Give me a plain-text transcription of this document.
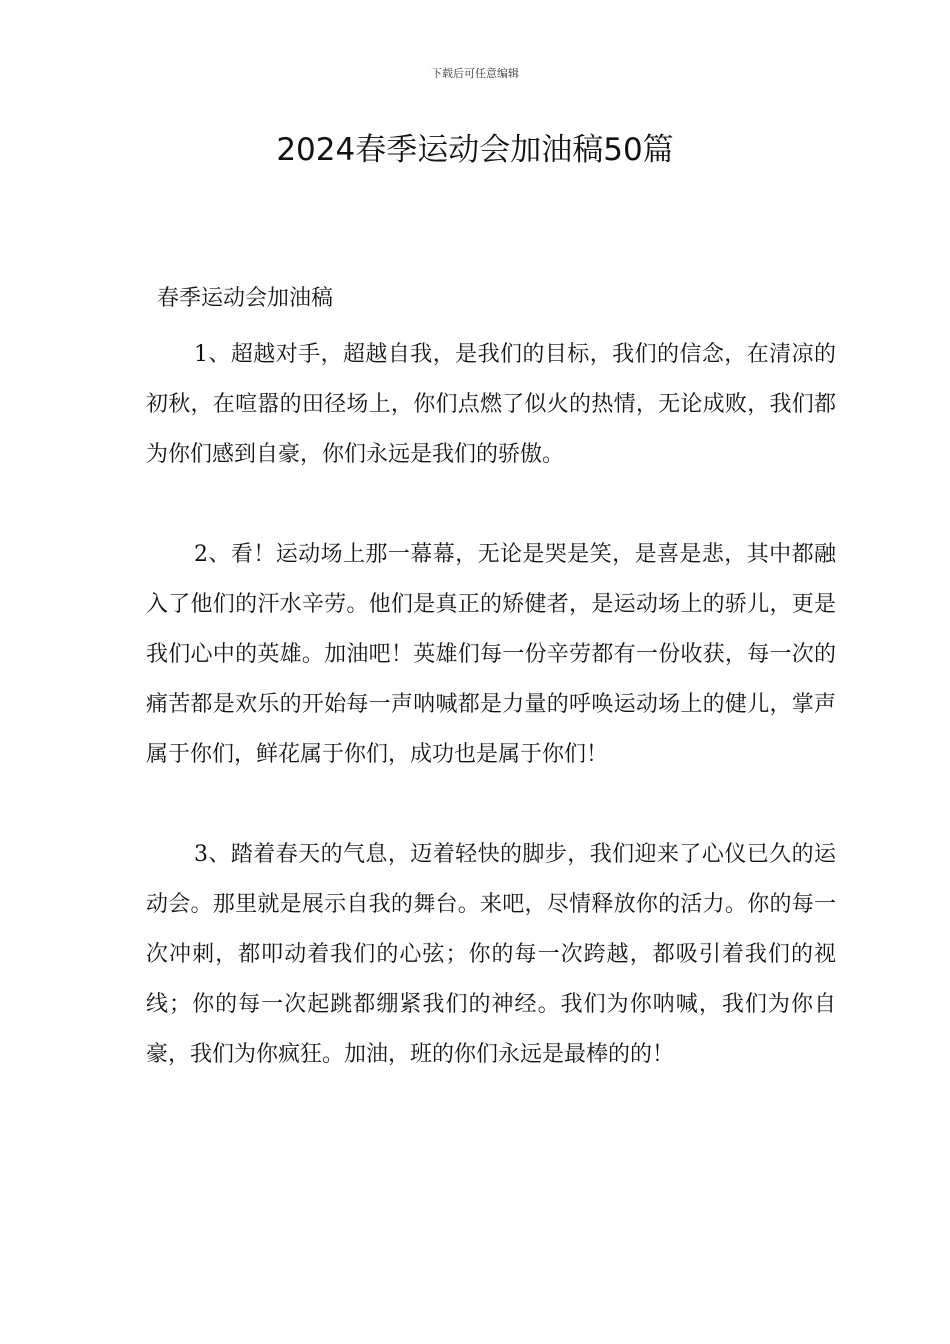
下载后可任意编辑
2024春季运动会加油稿50篇
春季运动会加油稿

1、超越对手，超越自我，是我们的目标，我们的信念，在清凉的初秋，在喧嚣的田径场上，你们点燃了似火的热情，无论成败，我们都为你们感到自豪，你们永远是我们的骄傲。

2、看！运动场上那一幕幕，无论是哭是笑，是喜是悲，其中都融入了他们的汗水辛劳。他们是真正的矫健者，是运动场上的骄儿，更是我们心中的英雄。加油吧！英雄们每一份辛劳都有一份收获，每一次的痛苦都是欢乐的开始每一声呐喊都是力量的呼唤运动场上的健儿，掌声属于你们，鲜花属于你们，成功也是属于你们！

3、踏着春天的气息，迈着轻快的脚步，我们迎来了心仪已久的运动会。那里就是展示自我的舞台。来吧，尽情释放你的活力。你的每一次冲刺，都叩动着我们的心弦；你的每一次跨越，都吸引着我们的视线；你的每一次起跳都绷紧我们的神经。我们为你呐喊，我们为你自豪，我们为你疯狂。加油，班的你们永远是最棒的的！
